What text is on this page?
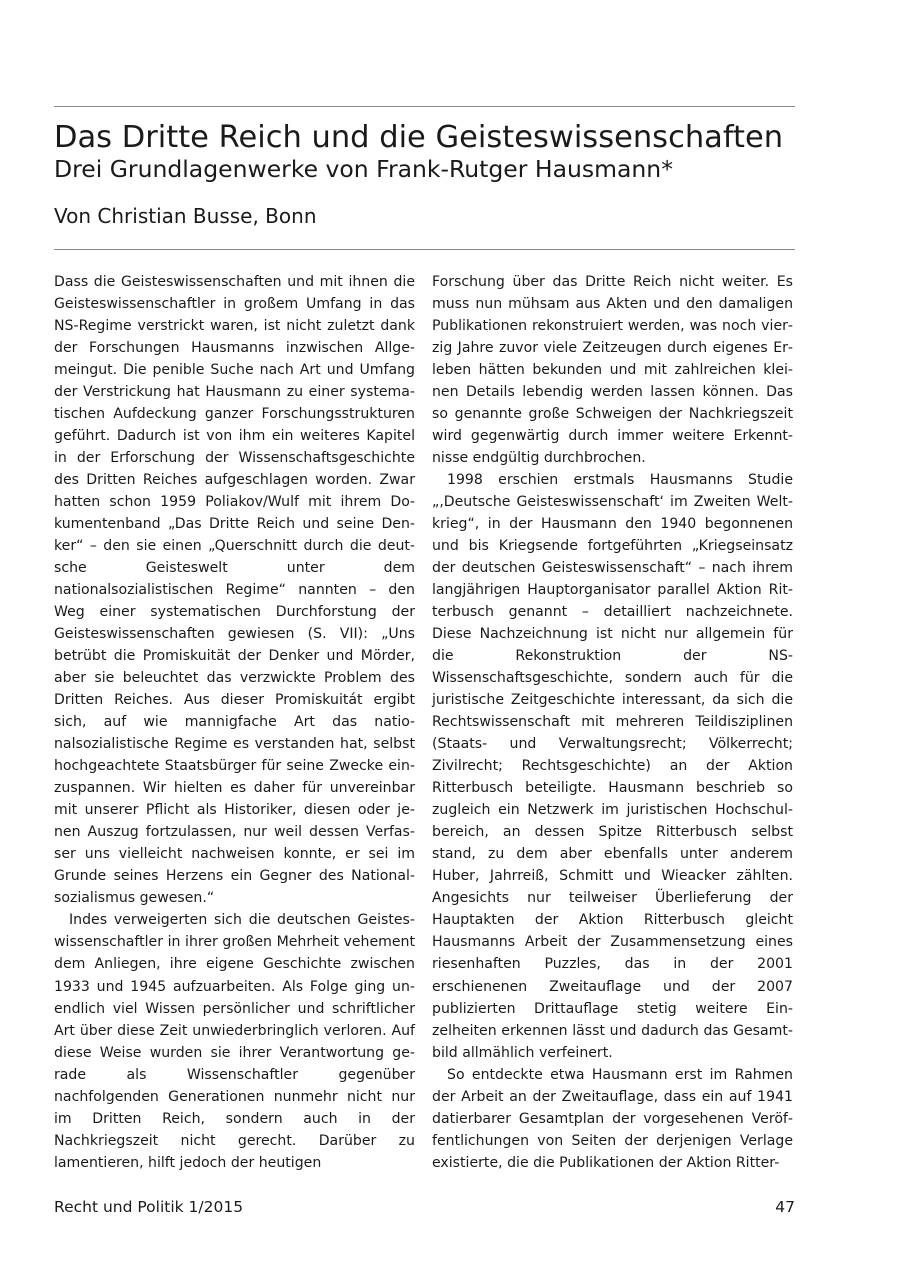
Das Dritte Reich und die Geisteswissenschaften
Drei Grundlagenwerke von Frank-Rutger Hausmann*
Von Christian Busse, Bonn

Dass die Geisteswissenschaften und mit ihnen die Geisteswissenschaftler in großem Umfang in das NS-Regime verstrickt waren, ist nicht zuletzt dank der Forschungen Hausmanns inzwischen Allgemeingut. Die penible Suche nach Art und Umfang der Verstrickung hat Hausmann zu einer systematischen Aufdeckung ganzer Forschungsstrukturen geführt. Dadurch ist von ihm ein weiteres Kapitel in der Erforschung der Wissenschaftsgeschichte des Dritten Reiches aufgeschlagen worden. Zwar hatten schon 1959 Poliakov/Wulf mit ihrem Dokumentenband „Das Dritte Reich und seine Denker“ – den sie einen „Querschnitt durch die deutsche Geisteswelt unter dem nationalsozialistischen Regime“ nannten – den Weg einer systematischen Durchforstung der Geisteswissenschaften gewiesen (S. VII): „Uns betrübt die Promiskuität der Denker und Mörder, aber sie beleuchtet das verzwickte Problem des Dritten Reiches. Aus dieser Promiskuitát ergibt sich, auf wie mannigfache Art das nationalsozialistische Regime es verstanden hat, selbst hochgeachtete Staatsbürger für seine Zwecke einzuspannen. Wir hielten es daher für unvereinbar mit unserer Pflicht als Historiker, diesen oder jenen Auszug fortzulassen, nur weil dessen Verfasser uns vielleicht nachweisen konnte, er sei im Grunde seines Herzens ein Gegner des Nationalsozialismus gewesen.“

Indes verweigerten sich die deutschen Geisteswissenschaftler in ihrer großen Mehrheit vehement dem Anliegen, ihre eigene Geschichte zwischen 1933 und 1945 aufzuarbeiten. Als Folge ging unendlich viel Wissen persönlicher und schriftlicher Art über diese Zeit unwiederbringlich verloren. Auf diese Weise wurden sie ihrer Verantwortung gerade als Wissenschaftler gegenüber nachfolgenden Generationen nunmehr nicht nur im Dritten Reich, sondern auch in der Nachkriegszeit nicht gerecht. Darüber zu lamentieren, hilft jedoch der heutigen

Forschung über das Dritte Reich nicht weiter. Es muss nun mühsam aus Akten und den damaligen Publikationen rekonstruiert werden, was noch vierzig Jahre zuvor viele Zeitzeugen durch eigenes Erleben hätten bekunden und mit zahlreichen kleinen Details lebendig werden lassen können. Das so genannte große Schweigen der Nachkriegszeit wird gegenwärtig durch immer weitere Erkenntnisse endgültig durchbrochen.

1998 erschien erstmals Hausmanns Studie „‚Deutsche Geisteswissenschaft‘ im Zweiten Weltkrieg“, in der Hausmann den 1940 begonnenen und bis Kriegsende fortgeführten „Kriegseinsatz der deutschen Geisteswissenschaft“ – nach ihrem langjährigen Hauptorganisator parallel Aktion Ritterbusch genannt – detailliert nachzeichnete. Diese Nachzeichnung ist nicht nur allgemein für die Rekonstruktion der NS-Wissenschaftsgeschichte, sondern auch für die juristische Zeitgeschichte interessant, da sich die Rechtswissenschaft mit mehreren Teildisziplinen (Staats- und Verwaltungsrecht; Völkerrecht; Zivilrecht; Rechtsgeschichte) an der Aktion Ritterbusch beteiligte. Hausmann beschrieb so zugleich ein Netzwerk im juristischen Hochschulbereich, an dessen Spitze Ritterbusch selbst stand, zu dem aber ebenfalls unter anderem Huber, Jahrreiß, Schmitt und Wieacker zählten. Angesichts nur teilweiser Überlieferung der Hauptakten der Aktion Ritterbusch gleicht Hausmanns Arbeit der Zusammensetzung eines riesenhaften Puzzles, das in der 2001 erschienenen Zweitauflage und der 2007 publizierten Drittauflage stetig weitere Einzelheiten erkennen lässt und dadurch das Gesamtbild allmählich verfeinert.

So entdeckte etwa Hausmann erst im Rahmen der Arbeit an der Zweitauflage, dass ein auf 1941 datierbarer Gesamtplan der vorgesehenen Veröffentlichungen von Seiten der derjenigen Verlage existierte, die die Publikationen der Aktion Ritter-

Recht und Politik 1/2015	47
